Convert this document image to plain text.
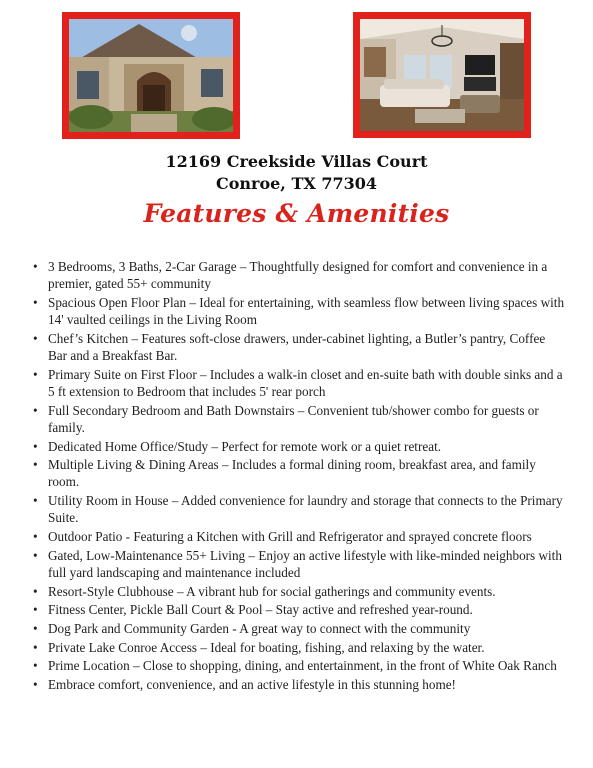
12169 Creekside Villas Court
Conroe, TX 77304
Features & Amenities
• 3 Bedrooms, 3 Baths, 2-Car Garage – Thoughtfully designed for comfort and convenience in a premier, gated 55+ community
• Spacious Open Floor Plan – Ideal for entertaining, with seamless flow between living spaces with 14' vaulted ceilings in the Living Room
• Chef’s Kitchen – Features soft-close drawers, under-cabinet lighting, a Butler’s pantry, Coffee Bar and a Breakfast Bar.
• Primary Suite on First Floor – Includes a walk-in closet and en-suite bath with double sinks and a 5 ft extension to Bedroom that includes 5' rear porch
• Full Secondary Bedroom and Bath Downstairs – Convenient tub/shower combo for guests or family.
• Dedicated Home Office/Study – Perfect for remote work or a quiet retreat.
• Multiple Living & Dining Areas – Includes a formal dining room, breakfast area, and family room.
• Utility Room in House – Added convenience for laundry and storage that connects to the Primary Suite.
• Outdoor Patio - Featuring a Kitchen with Grill and Refrigerator and sprayed concrete floors
• Gated, Low-Maintenance 55+ Living – Enjoy an active lifestyle with like-minded neighbors with full yard landscaping and maintenance included
• Resort-Style Clubhouse – A vibrant hub for social gatherings and community events.
• Fitness Center, Pickle Ball Court & Pool – Stay active and refreshed year-round.
• Dog Park and Community Garden - A great way to connect with the community
• Private Lake Conroe Access – Ideal for boating, fishing, and relaxing by the water.
• Prime Location – Close to shopping, dining, and entertainment, in the front of White Oak Ranch
• Embrace comfort, convenience, and an active lifestyle in this stunning home!
